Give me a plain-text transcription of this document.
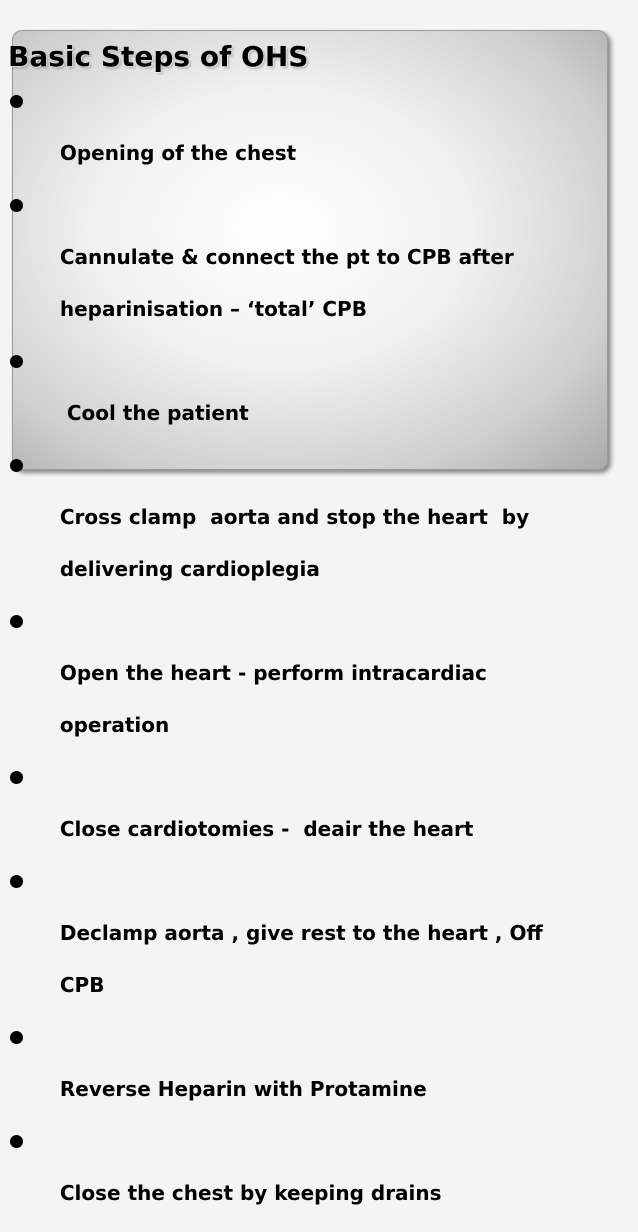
Basic Steps of OHS

Opening of the chest

Cannulate & connect the pt to CPB after

heparinisation – ‘total’ CPB

Cool the patient

Cross clamp  aorta and stop the heart  by

delivering cardioplegia

Open the heart - perform intracardiac

operation

Close cardiotomies -  deair the heart

Declamp aorta , give rest to the heart , Off

CPB

Reverse Heparin with Protamine

Close the chest by keeping drains
